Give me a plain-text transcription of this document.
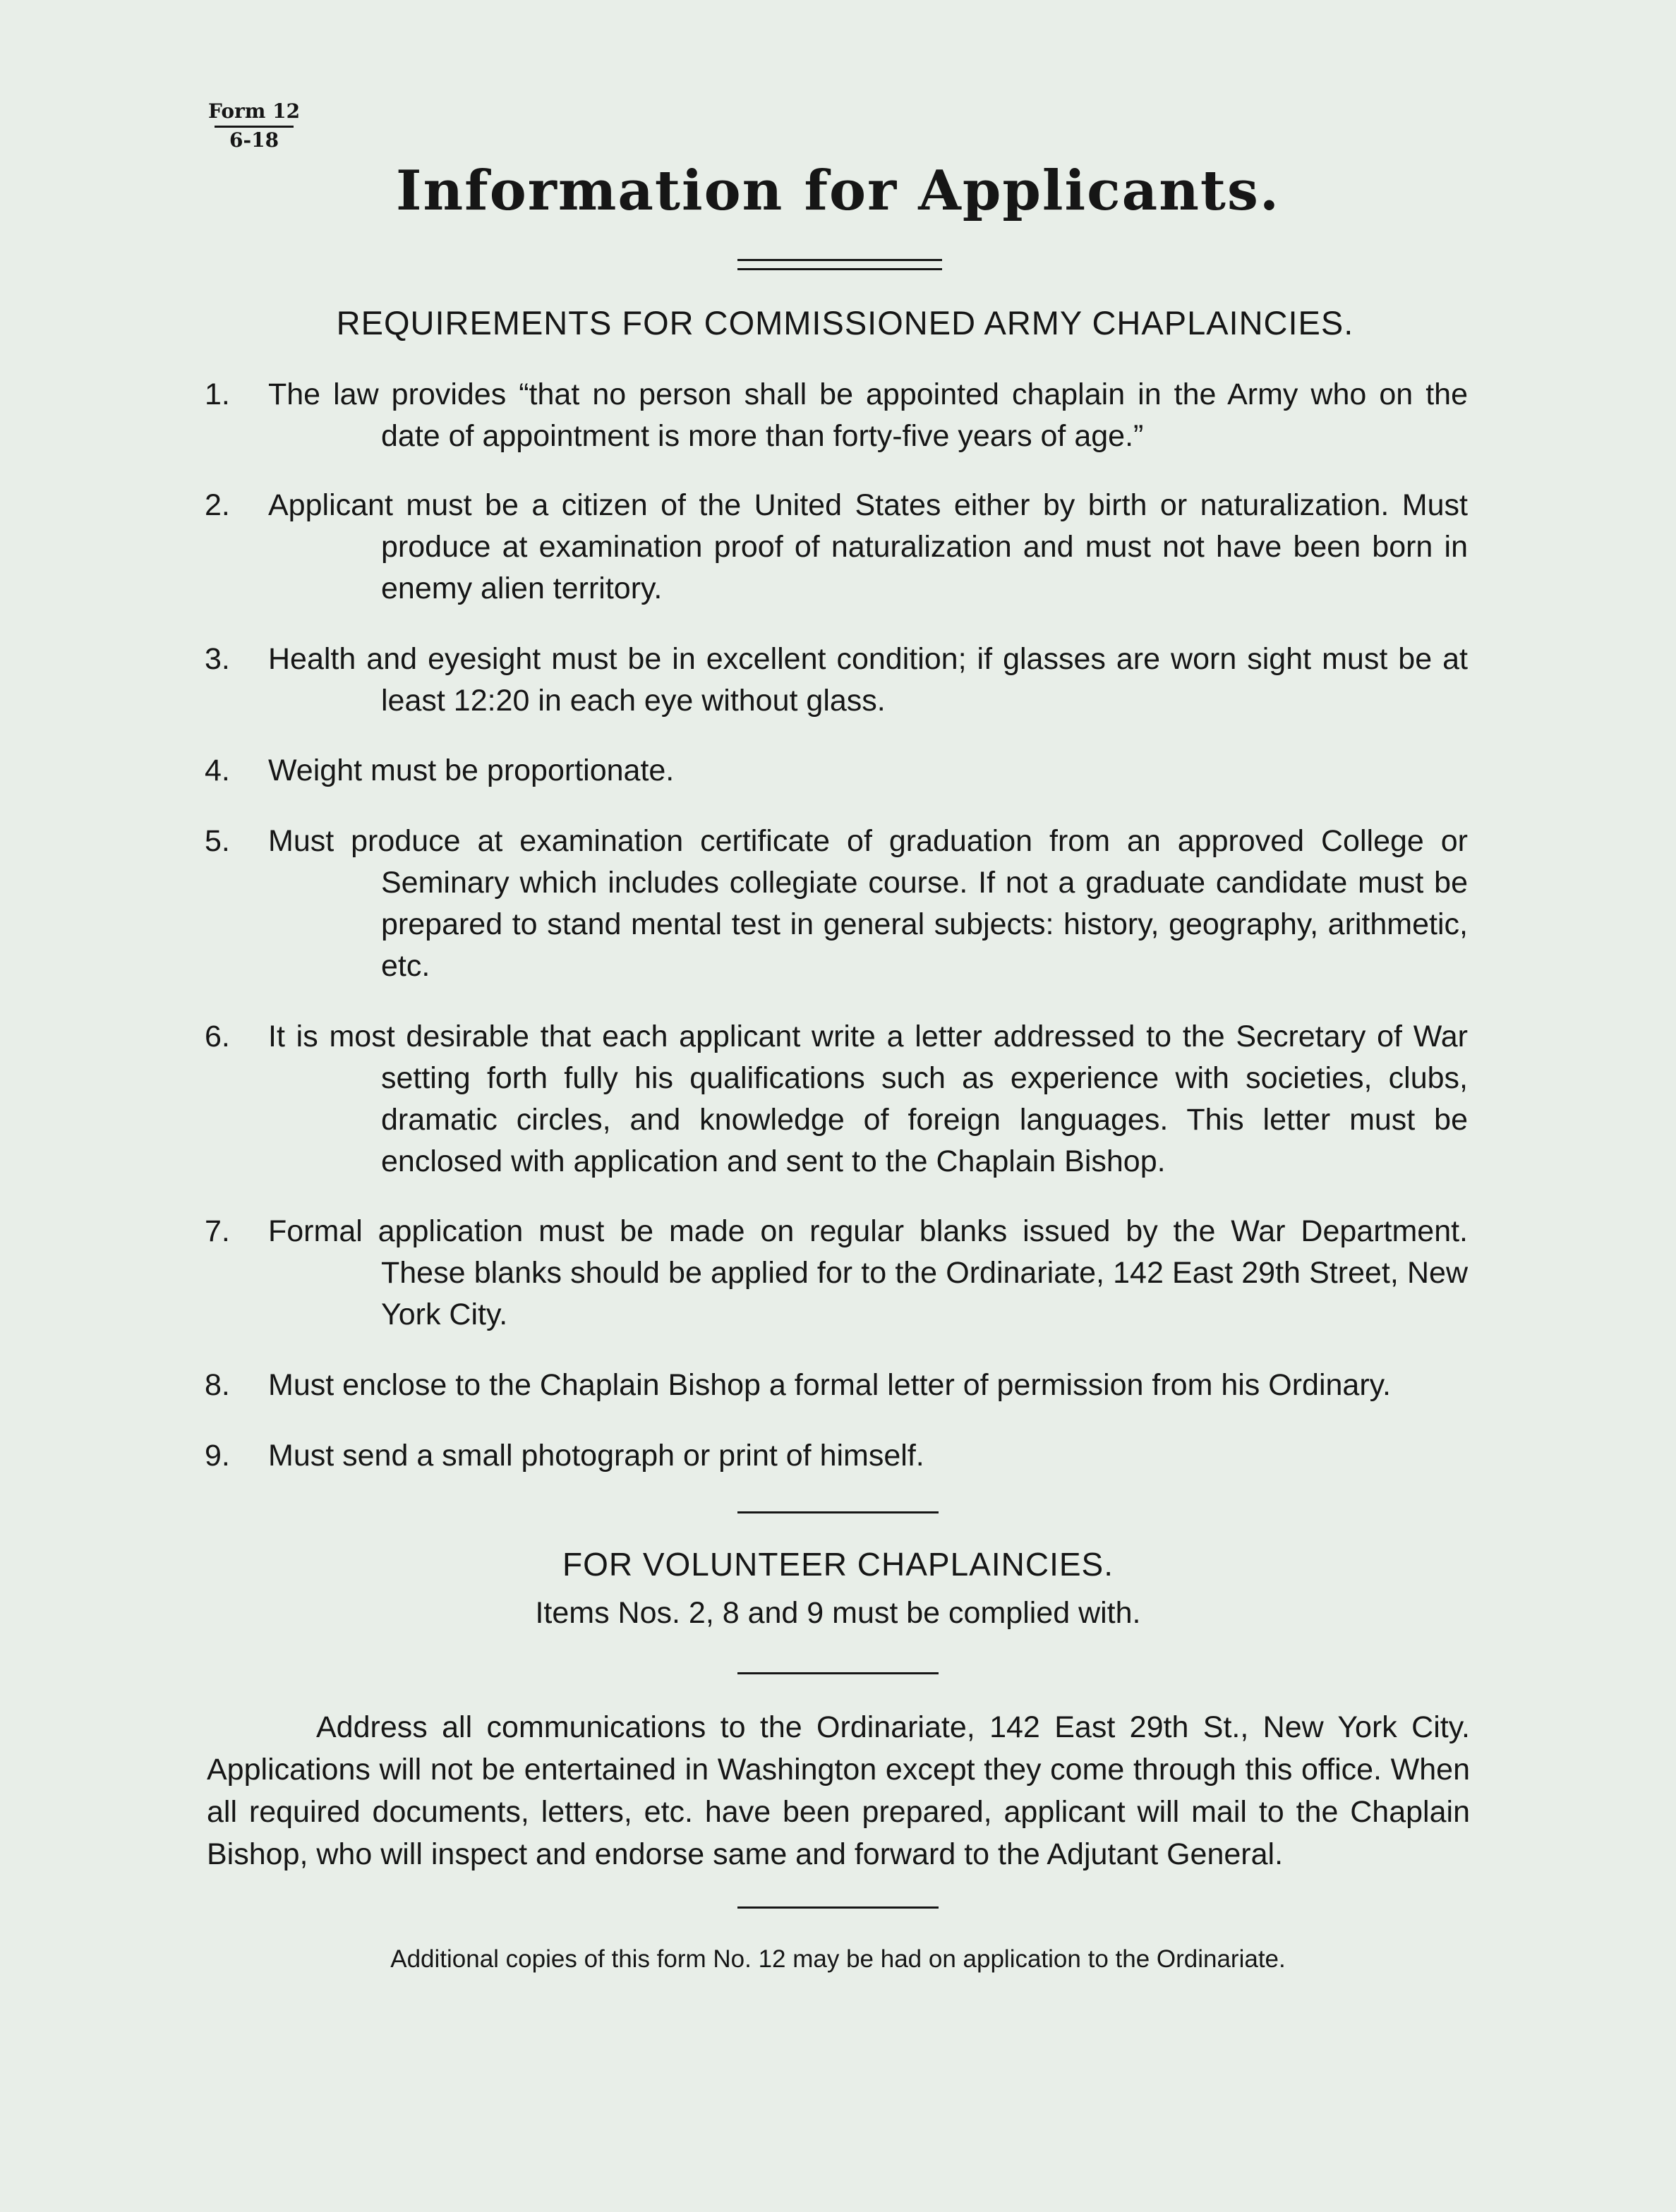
Form 12
6-18
Information for Applicants.
REQUIREMENTS FOR COMMISSIONED ARMY CHAPLAINCIES.
1.	The law provides “that no person shall be appointed chaplain in the Army who on the date of appointment is more than forty-five years of age.”
2.	Applicant must be a citizen of the United States either by birth or naturalization. Must produce at examination proof of naturalization and must not have been born in enemy alien territory.
3.	Health and eyesight must be in excellent condition; if glasses are worn sight must be at least 12:20 in each eye without glass.
4.	Weight must be proportionate.
5.	Must produce at examination certificate of graduation from an approved College or Seminary which includes collegiate course. If not a graduate candidate must be prepared to stand mental test in general subjects: history, geography, arithmetic, etc.
6.	It is most desirable that each applicant write a letter addressed to the Secretary of War setting forth fully his qualifications such as experience with societies, clubs, dramatic circles, and knowledge of foreign languages. This letter must be enclosed with application and sent to the Chaplain Bishop.
7.	Formal application must be made on regular blanks issued by the War Department. These blanks should be applied for to the Ordinariate, 142 East 29th Street, New York City.
8.	Must enclose to the Chaplain Bishop a formal letter of permission from his Ordinary.
9.	Must send a small photograph or print of himself.
FOR VOLUNTEER CHAPLAINCIES.
Items Nos. 2, 8 and 9 must be complied with.
Address all communications to the Ordinariate, 142 East 29th St., New York City. Applications will not be entertained in Washington except they come through this office. When all required documents, letters, etc. have been prepared, applicant will mail to the Chaplain Bishop, who will inspect and endorse same and forward to the Adjutant General.
Additional copies of this form No. 12 may be had on application to the Ordinariate.
